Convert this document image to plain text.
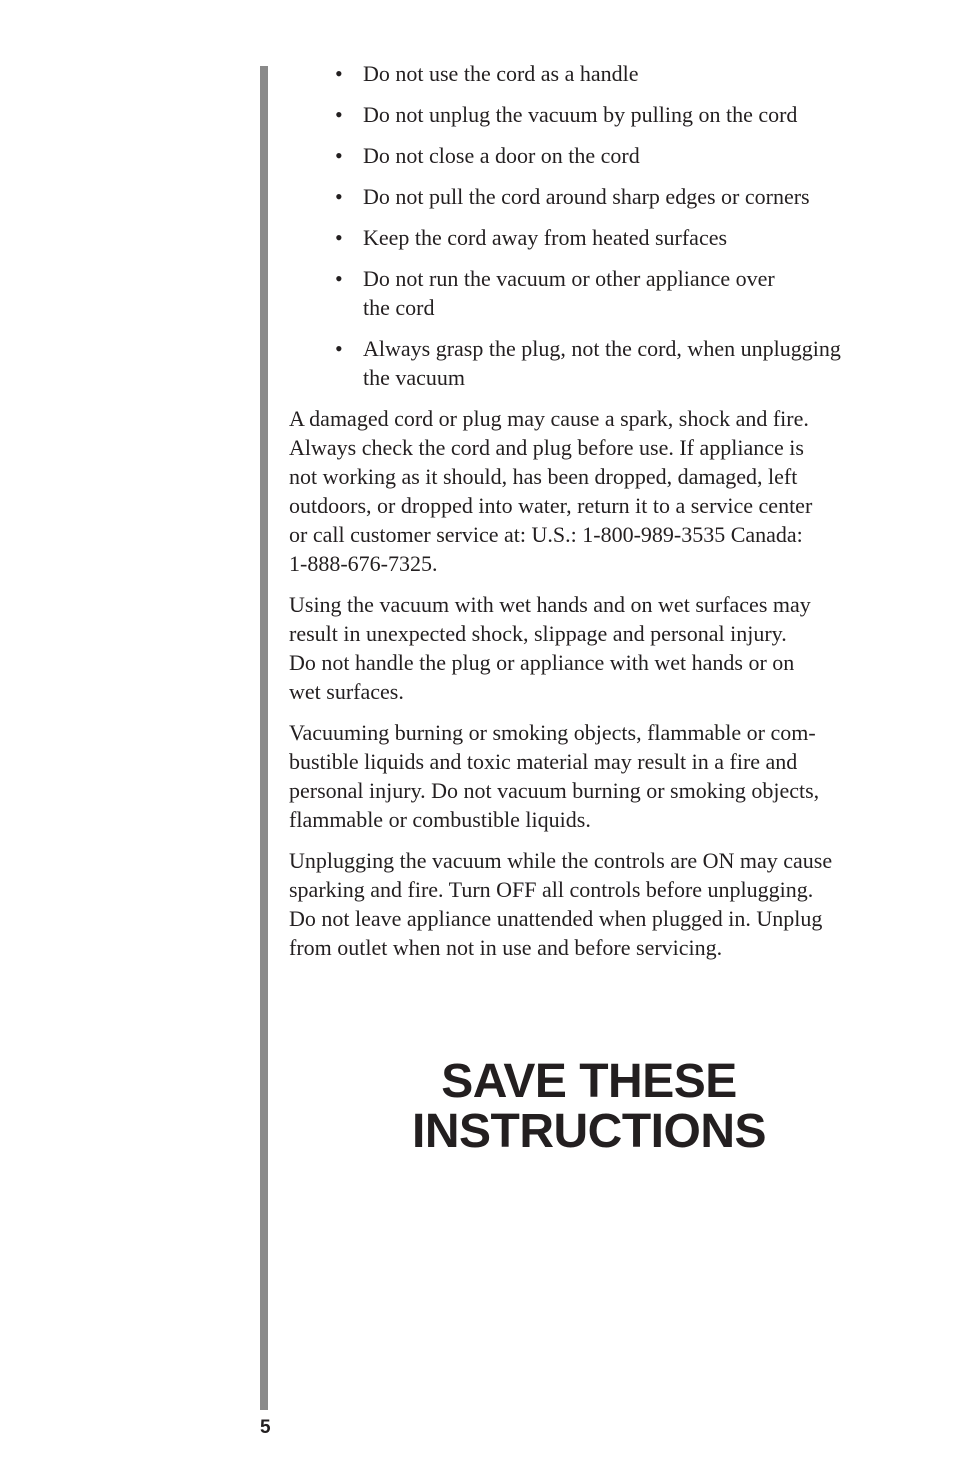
• Do not use the cord as a handle
• Do not unplug the vacuum by pulling on the cord
• Do not close a door on the cord
• Do not pull the cord around sharp edges or corners
• Keep the cord away from heated surfaces
• Do not run the vacuum or other appliance over
the cord
• Always grasp the plug, not the cord, when unplugging
the vacuum

A damaged cord or plug may cause a spark, shock and fire.
Always check the cord and plug before use. If appliance is
not working as it should, has been dropped, damaged, left
outdoors, or dropped into water, return it to a service center
or call customer service at: U.S.: 1-800-989-3535 Canada:
1-888-676-7325.

Using the vacuum with wet hands and on wet surfaces may
result in unexpected shock, slippage and personal injury.
Do not handle the plug or appliance with wet hands or on
wet surfaces.

Vacuuming burning or smoking objects, flammable or com-
bustible liquids and toxic material may result in a fire and
personal injury. Do not vacuum burning or smoking objects,
flammable or combustible liquids.

Unplugging the vacuum while the controls are ON may cause
sparking and fire. Turn OFF all controls before unplugging.
Do not leave appliance unattended when plugged in. Unplug
from outlet when not in use and before servicing.

SAVE THESE
INSTRUCTIONS
5
